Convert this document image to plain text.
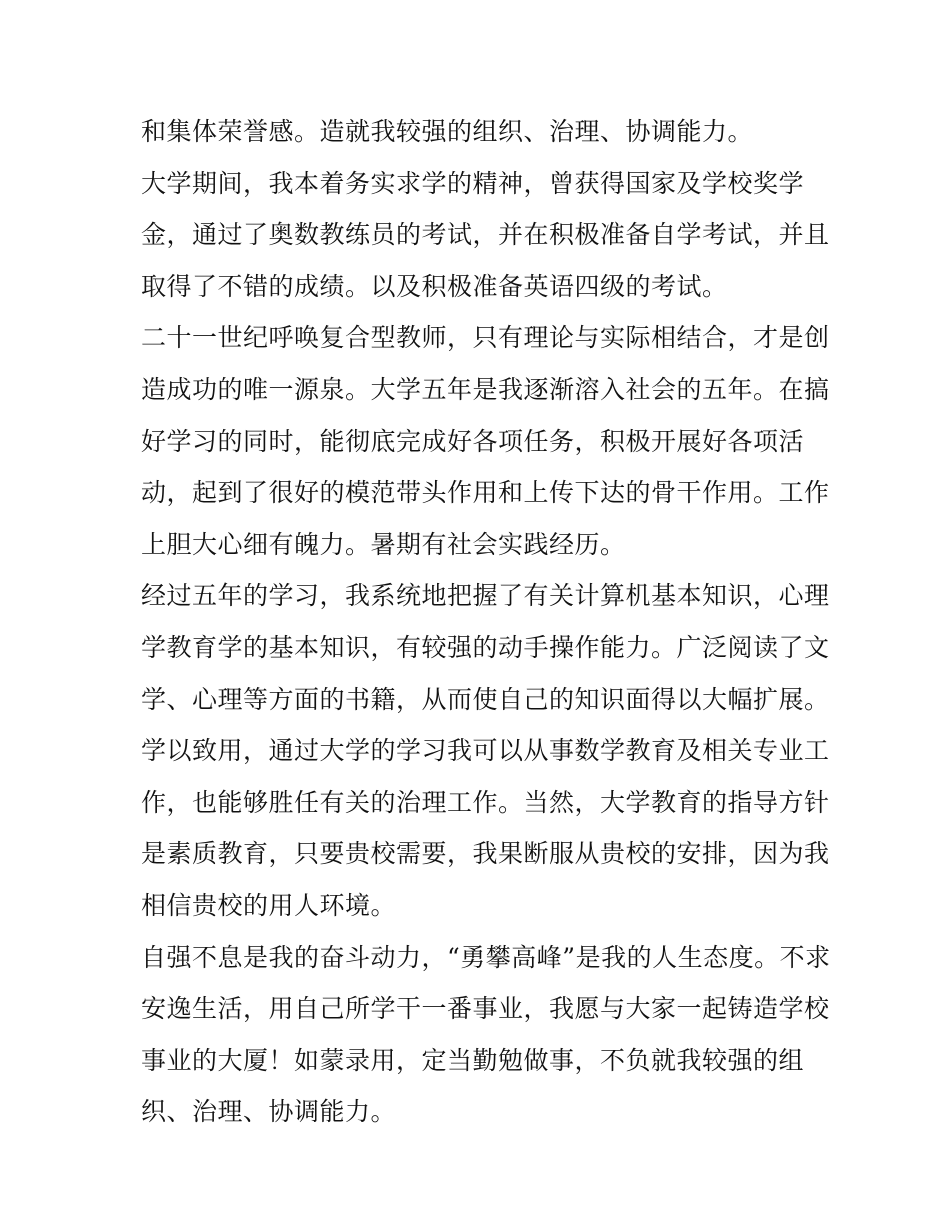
和集体荣誉感。造就我较强的组织、治理、协调能力。
大学期间，我本着务实求学的精神，曾获得国家及学校奖学
金，通过了奥数教练员的考试，并在积极准备自学考试，并且
取得了不错的成绩。以及积极准备英语四级的考试。
二十一世纪呼唤复合型教师，只有理论与实际相结合，才是创
造成功的唯一源泉。大学五年是我逐渐溶入社会的五年。在搞
好学习的同时，能彻底完成好各项任务，积极开展好各项活
动，起到了很好的模范带头作用和上传下达的骨干作用。工作
上胆大心细有魄力。暑期有社会实践经历。
经过五年的学习，我系统地把握了有关计算机基本知识，心理
学教育学的基本知识，有较强的动手操作能力。广泛阅读了文
学、心理等方面的书籍，从而使自己的知识面得以大幅扩展。
学以致用，通过大学的学习我可以从事数学教育及相关专业工
作，也能够胜任有关的治理工作。当然，大学教育的指导方针
是素质教育，只要贵校需要，我果断服从贵校的安排，因为我
相信贵校的用人环境。
自强不息是我的奋斗动力，“勇攀高峰”是我的人生态度。不求
安逸生活，用自己所学干一番事业，我愿与大家一起铸造学校
事业的大厦！如蒙录用，定当勤勉做事，不负就我较强的组
织、治理、协调能力。
